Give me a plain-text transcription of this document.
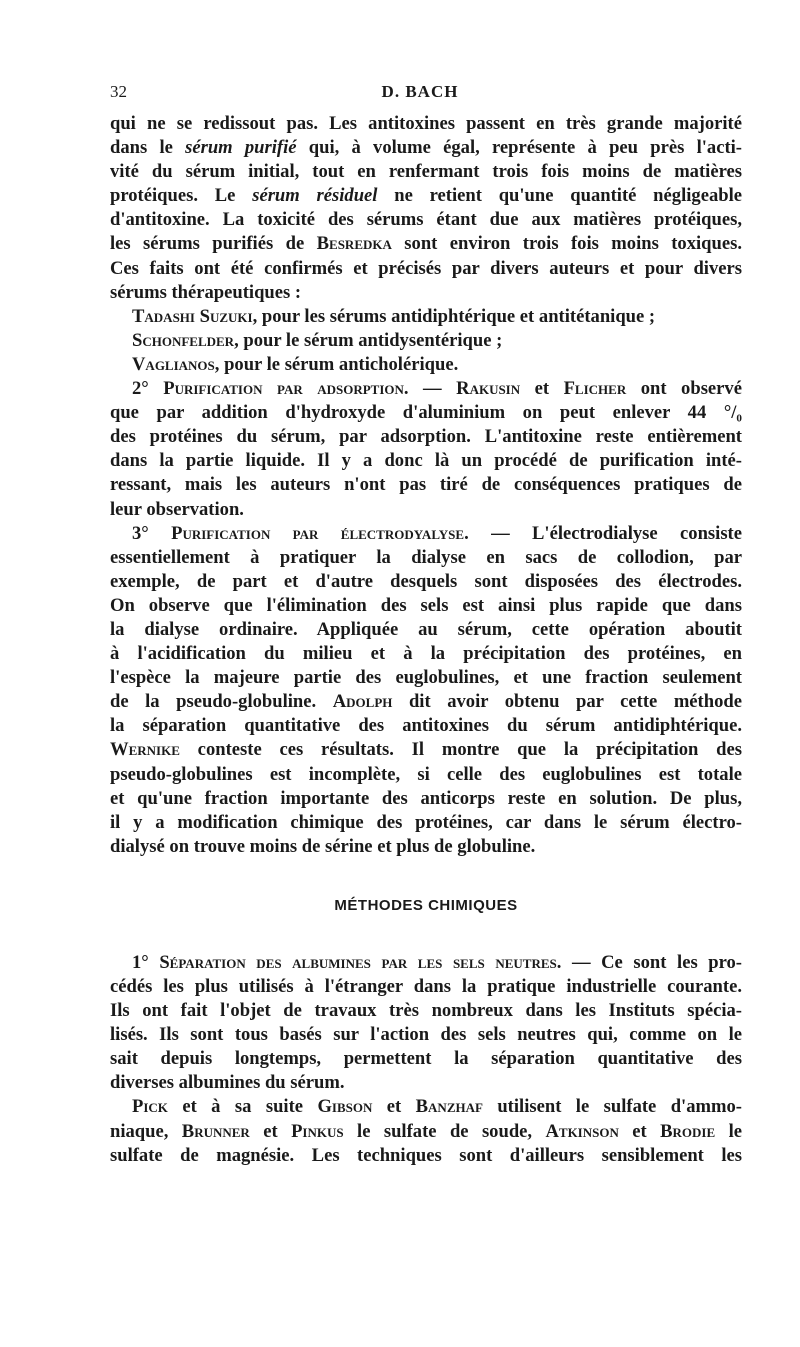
32	D. BACH
qui ne se redissout pas. Les antitoxines passent en très grande majorité
dans le sérum purifié qui, à volume égal, représente à peu près l'acti-
vité du sérum initial, tout en renfermant trois fois moins de matières
protéiques. Le sérum résiduel ne retient qu'une quantité négligeable
d'antitoxine. La toxicité des sérums étant due aux matières protéiques,
les sérums purifiés de Besredka sont environ trois fois moins toxiques.
Ces faits ont été confirmés et précisés par divers auteurs et pour divers
sérums thérapeutiques :
Tadashi Suzuki, pour les sérums antidiphtérique et antitétanique ;
Schonfelder, pour le sérum antidysentérique ;
Vaglianos, pour le sérum anticholérique.
2° Purification par adsorption. — Rakusin et Flicher ont observé
que par addition d'hydroxyde d'aluminium on peut enlever 44 °/₀
des protéines du sérum, par adsorption. L'antitoxine reste entièrement
dans la partie liquide. Il y a donc là un procédé de purification inté-
ressant, mais les auteurs n'ont pas tiré de conséquences pratiques de
leur observation.
3° Purification par électrodyalyse. — L'électrodialyse consiste
essentiellement à pratiquer la dialyse en sacs de collodion, par
exemple, de part et d'autre desquels sont disposées des électrodes.
On observe que l'élimination des sels est ainsi plus rapide que dans
la dialyse ordinaire. Appliquée au sérum, cette opération aboutit
à l'acidification du milieu et à la précipitation des protéines, en
l'espèce la majeure partie des euglobulines, et une fraction seulement
de la pseudo-globuline. Adolph dit avoir obtenu par cette méthode
la séparation quantitative des antitoxines du sérum antidiphtérique.
Wernike conteste ces résultats. Il montre que la précipitation des
pseudo-globulines est incomplète, si celle des euglobulines est totale
et qu'une fraction importante des anticorps reste en solution. De plus,
il y a modification chimique des protéines, car dans le sérum électro-
dialysé on trouve moins de sérine et plus de globuline.
MÉTHODES CHIMIQUES
1° Séparation des albumines par les sels neutres. — Ce sont les pro-
cédés les plus utilisés à l'étranger dans la pratique industrielle courante.
Ils ont fait l'objet de travaux très nombreux dans les Instituts spécia-
lisés. Ils sont tous basés sur l'action des sels neutres qui, comme on le
sait depuis longtemps, permettent la séparation quantitative des
diverses albumines du sérum.
Pick et à sa suite Gibson et Banzhaf utilisent le sulfate d'ammo-
niaque, Brunner et Pinkus le sulfate de soude, Atkinson et Brodie le
sulfate de magnésie. Les techniques sont d'ailleurs sensiblement les
